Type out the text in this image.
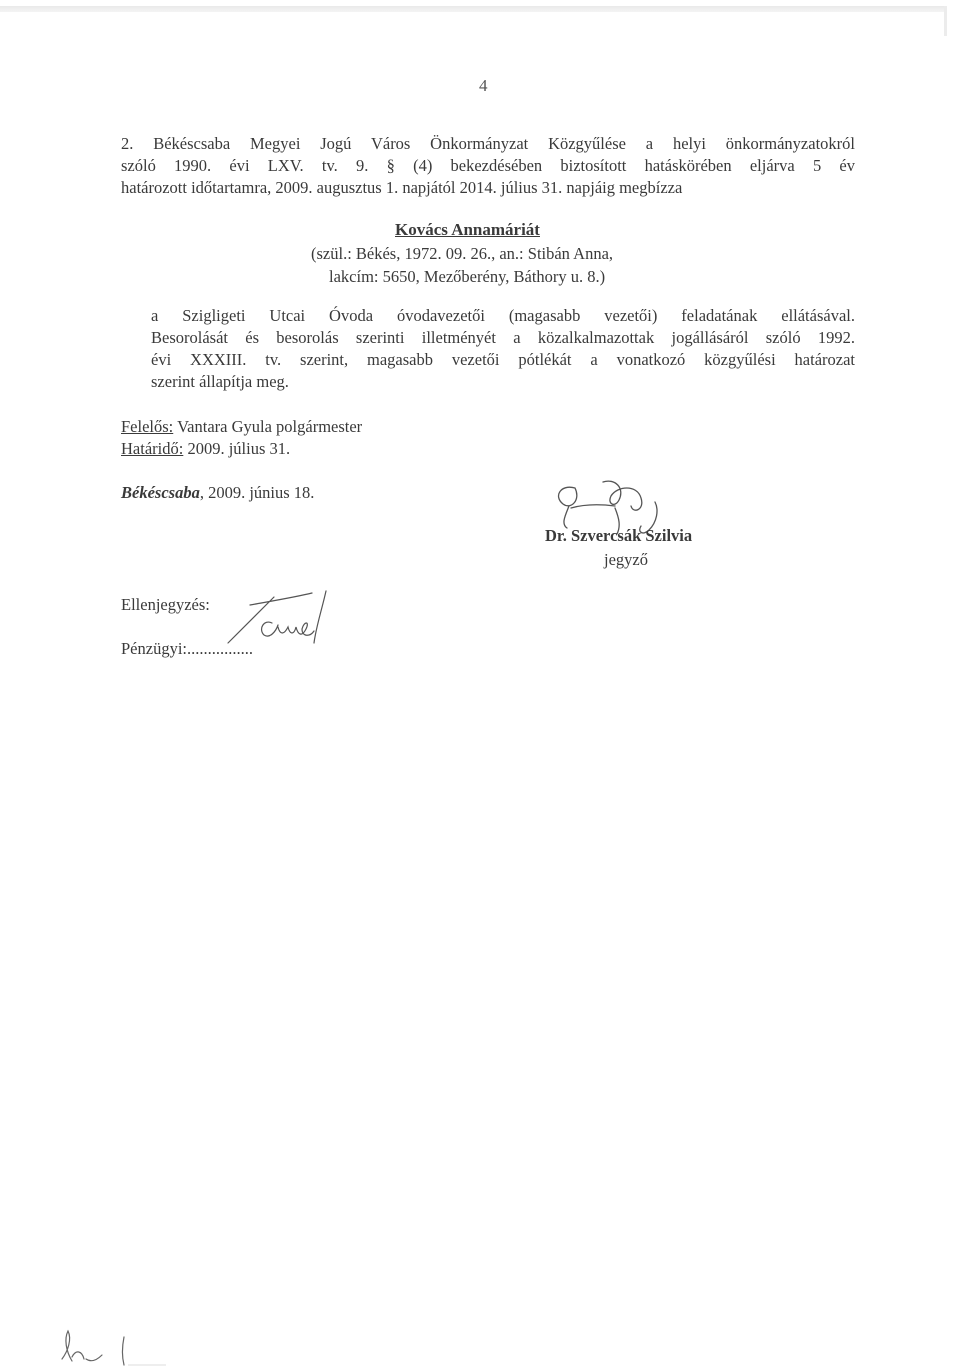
4
2. Békéscsaba Megyei Jogú Város Önkormányzat Közgyűlése a helyi önkormányzatokról
szóló 1990. évi LXV. tv. 9. § (4) bekezdésében biztosított hatáskörében eljárva 5 év
határozott időtartamra, 2009. augusztus 1. napjától 2014. július 31. napjáig megbízza
Kovács Annamáriát
(szül.: Békés, 1972. 09. 26., an.: Stibán Anna,
lakcím: 5650, Mezőberény, Báthory u. 8.)
a Szigligeti Utcai Óvoda óvodavezetői (magasabb vezetői) feladatának ellátásával.
Besorolását és besorolás szerinti illetményét a közalkalmazottak jogállásáról szóló 1992.
évi XXXIII. tv. szerint, magasabb vezetői pótlékát a vonatkozó közgyűlési határozat
szerint állapítja meg.
Felelős: Vantara Gyula polgármester
Határidő: 2009. július 31.
Békéscsaba, 2009. június 18.
Dr. Szvercsák Szilvia
jegyző
Ellenjegyzés:
Pénzügyi:................
